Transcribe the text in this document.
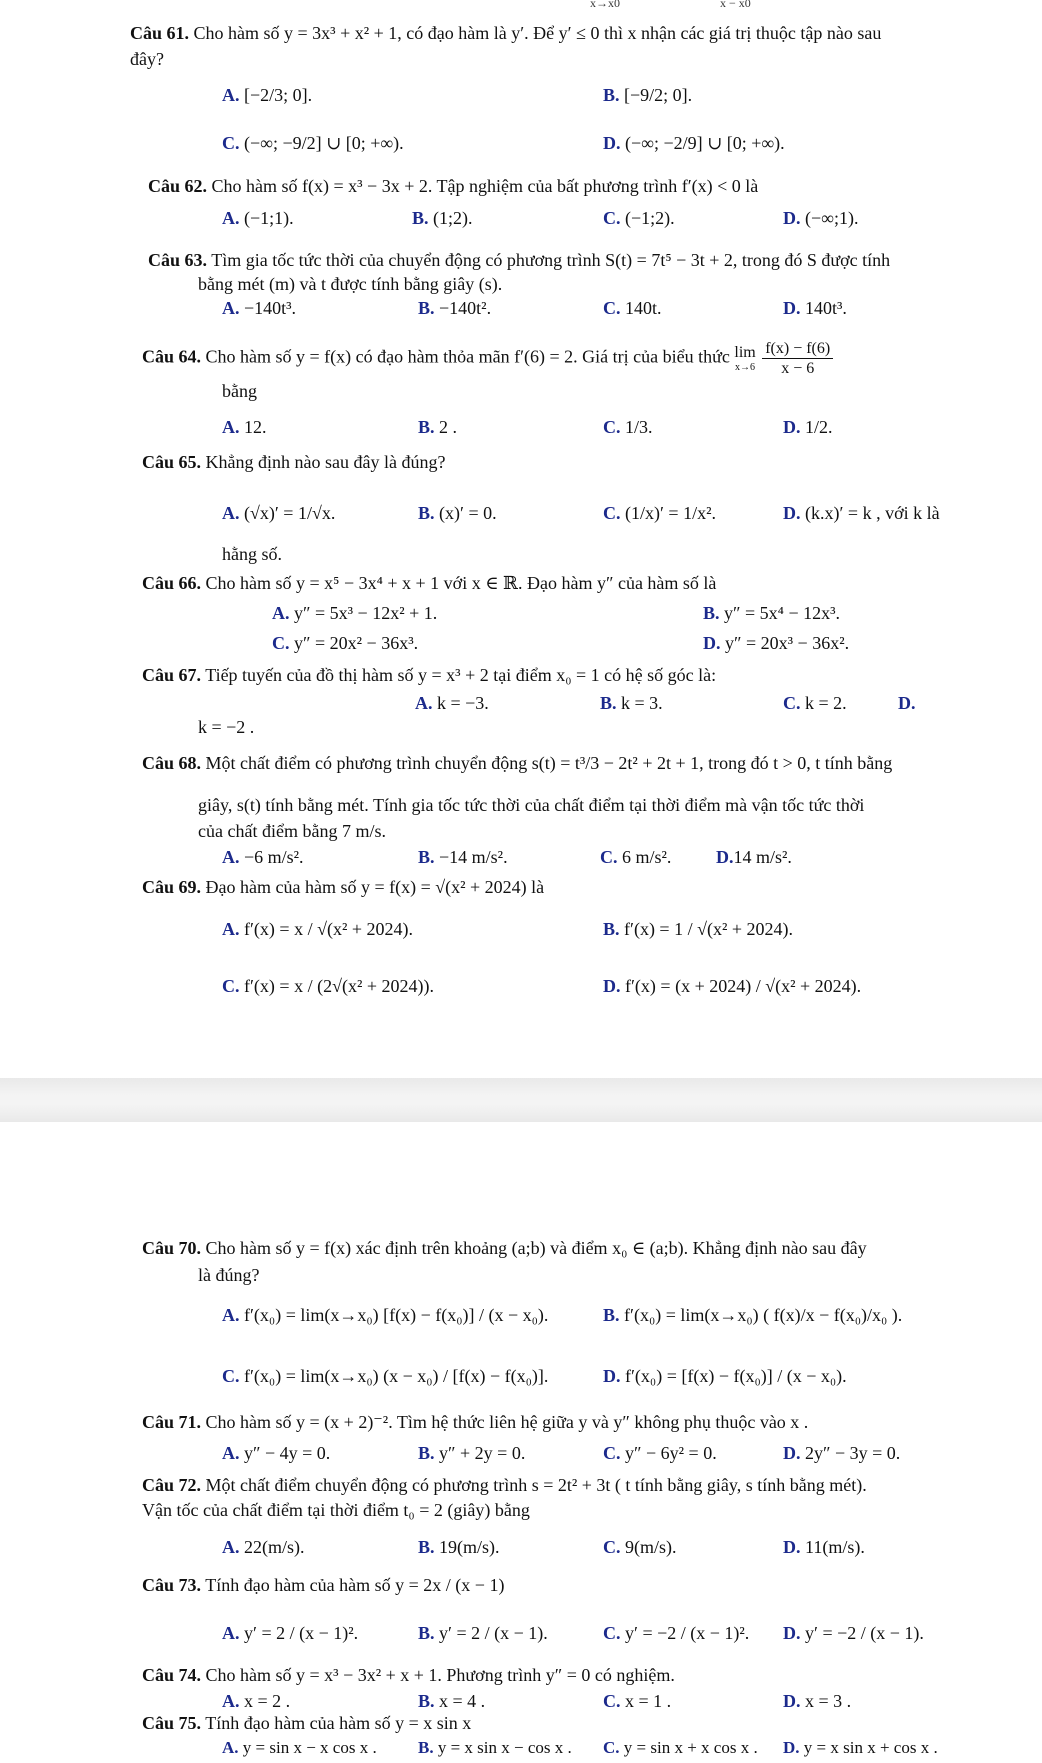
x→x0	x − x0
Câu 61. Cho hàm số y = 3x³ + x² + 1, có đạo hàm là y′. Để y′ ≤ 0 thì x nhận các giá trị thuộc tập nào sau
đây?
A. [−2/3; 0].	B. [−9/2; 0].
C. (−∞; −9/2] ∪ [0; +∞).	D. (−∞; −2/9] ∪ [0; +∞).
Câu 62. Cho hàm số f(x) = x³ − 3x + 2. Tập nghiệm của bất phương trình f′(x) < 0 là
A. (−1;1).	B. (1;2).	C. (−1;2).	D. (−∞;1).
Câu 63. Tìm gia tốc tức thời của chuyển động có phương trình S(t) = 7t⁵ − 3t + 2, trong đó S được tính
bằng mét (m) và t được tính bằng giây (s).
A. −140t³.	B. −140t².	C. 140t.	D. 140t³.
Câu 64. Cho hàm số y = f(x) có đạo hàm thỏa mãn f′(6) = 2. Giá trị của biểu thức lim
x→6
$\frac{f(x) - f(6)}{x - 6}$
bằng
A. 12.	B. 2 .	C. 1/3.	D. 1/2.
Câu 65. Khẳng định nào sau đây là đúng?
A. (√x)′ = 1/√x.	B. (x)′ = 0.	C. (1/x)′ = 1/x².	D. (k.x)′ = k , với k là
hằng số.
Câu 66. Cho hàm số y = x⁵ − 3x⁴ + x + 1 với x ∈ ℝ. Đạo hàm y″ của hàm số là
A. y″ = 5x³ − 12x² + 1.	B. y″ = 5x⁴ − 12x³.
C. y″ = 20x² − 36x³.	D. y″ = 20x³ − 36x².
Câu 67. Tiếp tuyến của đồ thị hàm số y = x³ + 2 tại điểm x₀ = 1 có hệ số góc là:
A. k = −3.	B. k = 3.	C. k = 2.	D.
k = −2 .
Câu 68. Một chất điểm có phương trình chuyển động s(t) = t³/3 − 2t² + 2t + 1, trong đó t > 0, t tính bằng
giây, s(t) tính bằng mét. Tính gia tốc tức thời của chất điểm tại thời điểm mà vận tốc tức thời
của chất điểm bằng 7 m/s.
A. −6 m/s².	B. −14 m/s².	C. 6 m/s². D.14 m/s².
Câu 69. Đạo hàm của hàm số y = f(x) = √(x² + 2024) là
A. f′(x) = x / √(x² + 2024).	B. f′(x) = 1 / √(x² + 2024).
C. f′(x) = x / (2√(x² + 2024)).	D. f′(x) = (x + 2024) / √(x² + 2024).
Câu 70. Cho hàm số y = f(x) xác định trên khoảng (a;b) và điểm x₀ ∈ (a;b). Khẳng định nào sau đây
là đúng?
A. f′(x₀) = lim(x→x₀) [f(x) − f(x₀)] / (x − x₀).	B. f′(x₀) = lim(x→x₀) ( f(x)/x − f(x₀)/x₀ ).
C. f′(x₀) = lim(x→x₀) (x − x₀) / [f(x) − f(x₀)].	D. f′(x₀) = [f(x) − f(x₀)] / (x − x₀).
Câu 71. Cho hàm số y = (x + 2)⁻². Tìm hệ thức liên hệ giữa y và y″ không phụ thuộc vào x .
A. y″ − 4y = 0.	B. y″ + 2y = 0.	C. y″ − 6y² = 0.	D. 2y″ − 3y = 0.
Câu 72. Một chất điểm chuyển động có phương trình s = 2t² + 3t ( t tính bằng giây, s tính bằng mét).
Vận tốc của chất điểm tại thời điểm t₀ = 2 (giây) bằng
A. 22(m/s).	B. 19(m/s).	C. 9(m/s).	D. 11(m/s).
Câu 73. Tính đạo hàm của hàm số y = 2x / (x − 1)
A. y′ = 2 / (x − 1)².	B. y′ = 2 / (x − 1).	C. y′ = −2 / (x − 1)². D. y′ = −2 / (x − 1).
Câu 74. Cho hàm số y = x³ − 3x² + x + 1. Phương trình y″ = 0 có nghiệm.
A. x = 2 .	B. x = 4 .	C. x = 1 .	D. x = 3 .
Câu 75. Tính đạo hàm của hàm số y = x sin x
A. y = sin x − x cos x . B. y = x sin x − cos x . C. y = sin x + x cos x . D. y = x sin x + cos x .
